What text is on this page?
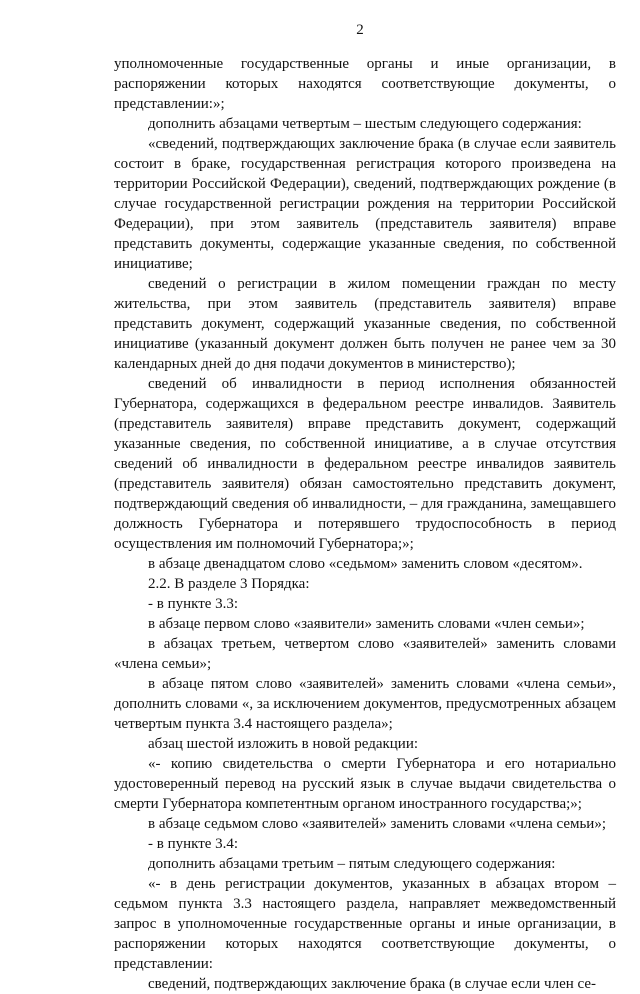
2

уполномоченные государственные органы и иные организации, в распоряжении которых находятся соответствующие документы, о представлении:»;

дополнить абзацами четвертым – шестым следующего содержания:

«сведений, подтверждающих заключение брака (в случае если заявитель состоит в браке, государственная регистрация которого произведена на территории Российской Федерации), сведений, подтверждающих рождение (в случае государственной регистрации рождения на территории Российской Федерации), при этом заявитель (представитель заявителя) вправе представить документы, содержащие указанные сведения, по собственной инициативе;

сведений о регистрации в жилом помещении граждан по месту жительства, при этом заявитель (представитель заявителя) вправе представить документ, содержащий указанные сведения, по собственной инициативе (указанный документ должен быть получен не ранее чем за 30 календарных дней до дня подачи документов в министерство);

сведений об инвалидности в период исполнения обязанностей Губернатора, содержащихся в федеральном реестре инвалидов. Заявитель (представитель заявителя) вправе представить документ, содержащий указанные сведения, по собственной инициативе, а в случае отсутствия сведений об инвалидности в федеральном реестре инвалидов заявитель (представитель заявителя) обязан самостоятельно представить документ, подтверждающий сведения об инвалидности, – для гражданина, замещавшего должность Губернатора и потерявшего трудоспособность в период осуществления им полномочий Губернатора;»;

в абзаце двенадцатом слово «седьмом» заменить словом «десятом».

2.2. В разделе 3 Порядка:

- в пункте 3.3:

в абзаце первом слово «заявители» заменить словами «член семьи»;

в абзацах третьем, четвертом слово «заявителей» заменить словами «члена семьи»;

в абзаце пятом слово «заявителей» заменить словами «члена семьи», дополнить словами «, за исключением документов, предусмотренных абзацем четвертым пункта 3.4 настоящего раздела»;

абзац шестой изложить в новой редакции:

«- копию свидетельства о смерти Губернатора и его нотариально удостоверенный перевод на русский язык в случае выдачи свидетельства о смерти Губернатора компетентным органом иностранного государства;»;

в абзаце седьмом слово «заявителей» заменить словами «члена семьи»;

- в пункте 3.4:

дополнить абзацами третьим – пятым следующего содержания:

«- в день регистрации документов, указанных в абзацах втором – седьмом пункта 3.3 настоящего раздела, направляет межведомственный запрос в уполномоченные государственные органы и иные организации, в распоряжении которых находятся соответствующие документы, о представлении:

сведений, подтверждающих заключение брака (в случае если член се-
